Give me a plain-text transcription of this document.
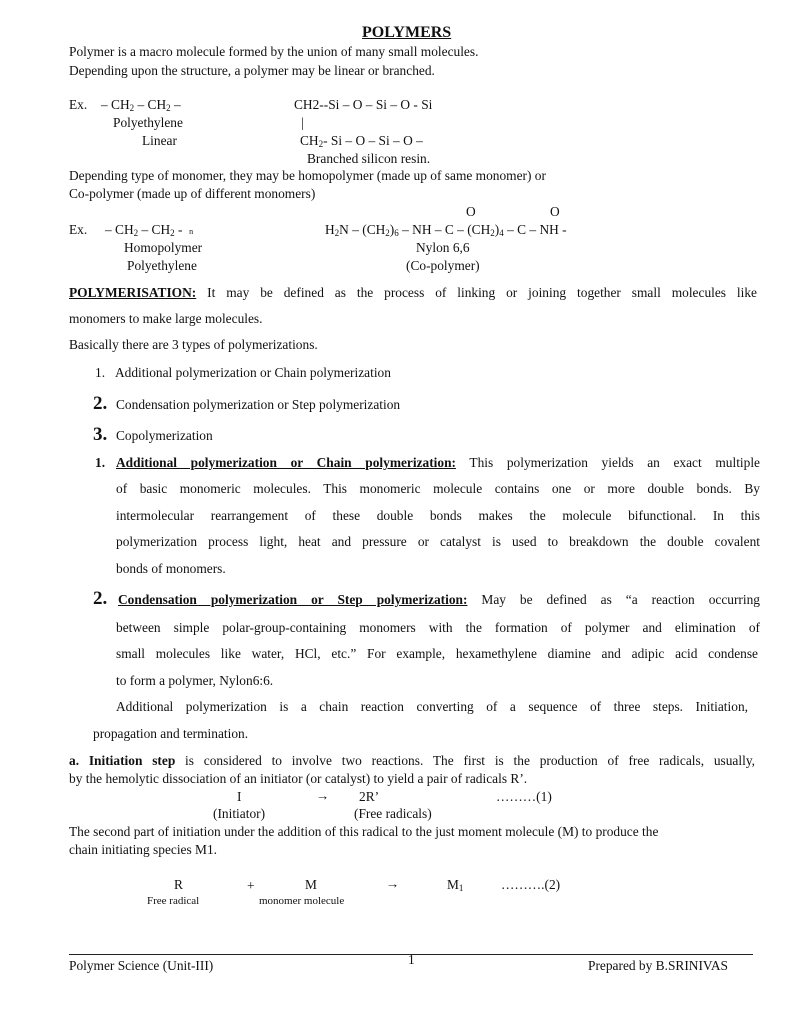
POLYMERS
Polymer is a macro molecule formed by the union of many small molecules.
Depending upon the structure, a polymer may be linear or branched.
Ex. – $CH_2 - CH_2$ –
Polyethylene
Linear
CH2--Si – O – Si – O - Si
|
$CH_2-$ Si – O – Si – O –
Branched silicon resin.
Depending type of monomer, they may be homopolymer (made up of same monomer) or
Co-polymer (made up of different monomers)
O	O
Ex. – $CH_2 - CH_2$ -  n	$H_2N - (CH_2)_6$ – NH – C – $(CH_2)_4$ – C – NH -
Homopolymer
Polyethylene
Nylon 6,6
(Co-polymer)
POLYMERISATION: It may be defined as the process of linking or joining together small molecules like
monomers to make large molecules.
Basically there are 3 types of polymerizations.
1. Additional polymerization or Chain polymerization
2. Condensation polymerization or Step polymerization
3. Copolymerization
1. Additional polymerization or Chain polymerization: This polymerization yields an exact multiple
of basic monomeric molecules. This monomeric molecule contains one or more double bonds. By
intermolecular rearrangement of these double bonds makes the molecule bifunctional. In this
polymerization process light, heat and pressure or catalyst is used to breakdown the double covalent
bonds of monomers.
2. Condensation polymerization or Step polymerization: May be defined as “a reaction occurring
between simple polar-group-containing monomers with the formation of polymer and elimination of
small molecules like water, HCl, etc.” For example, hexamethylene diamine and adipic acid condense
to form a polymer, Nylon6:6.
Additional polymerization is a chain reaction converting of a sequence of three steps. Initiation,
propagation and termination.
a. Initiation step is considered to involve two reactions. The first is the production of free radicals, usually,
by the hemolytic dissociation of an initiator (or catalyst) to yield a pair of radicals R’.
I	→ 2R’	………(1)
(Initiator)	(Free radicals)
The second part of initiation under the addition of this radical to the just moment molecule (M) to produce the
chain initiating species M1.
R	+	M	→	$M_1$	……….(2)
Free radical	monomer molecule
Polymer Science (Unit-III)	1	Prepared by B.SRINIVAS
